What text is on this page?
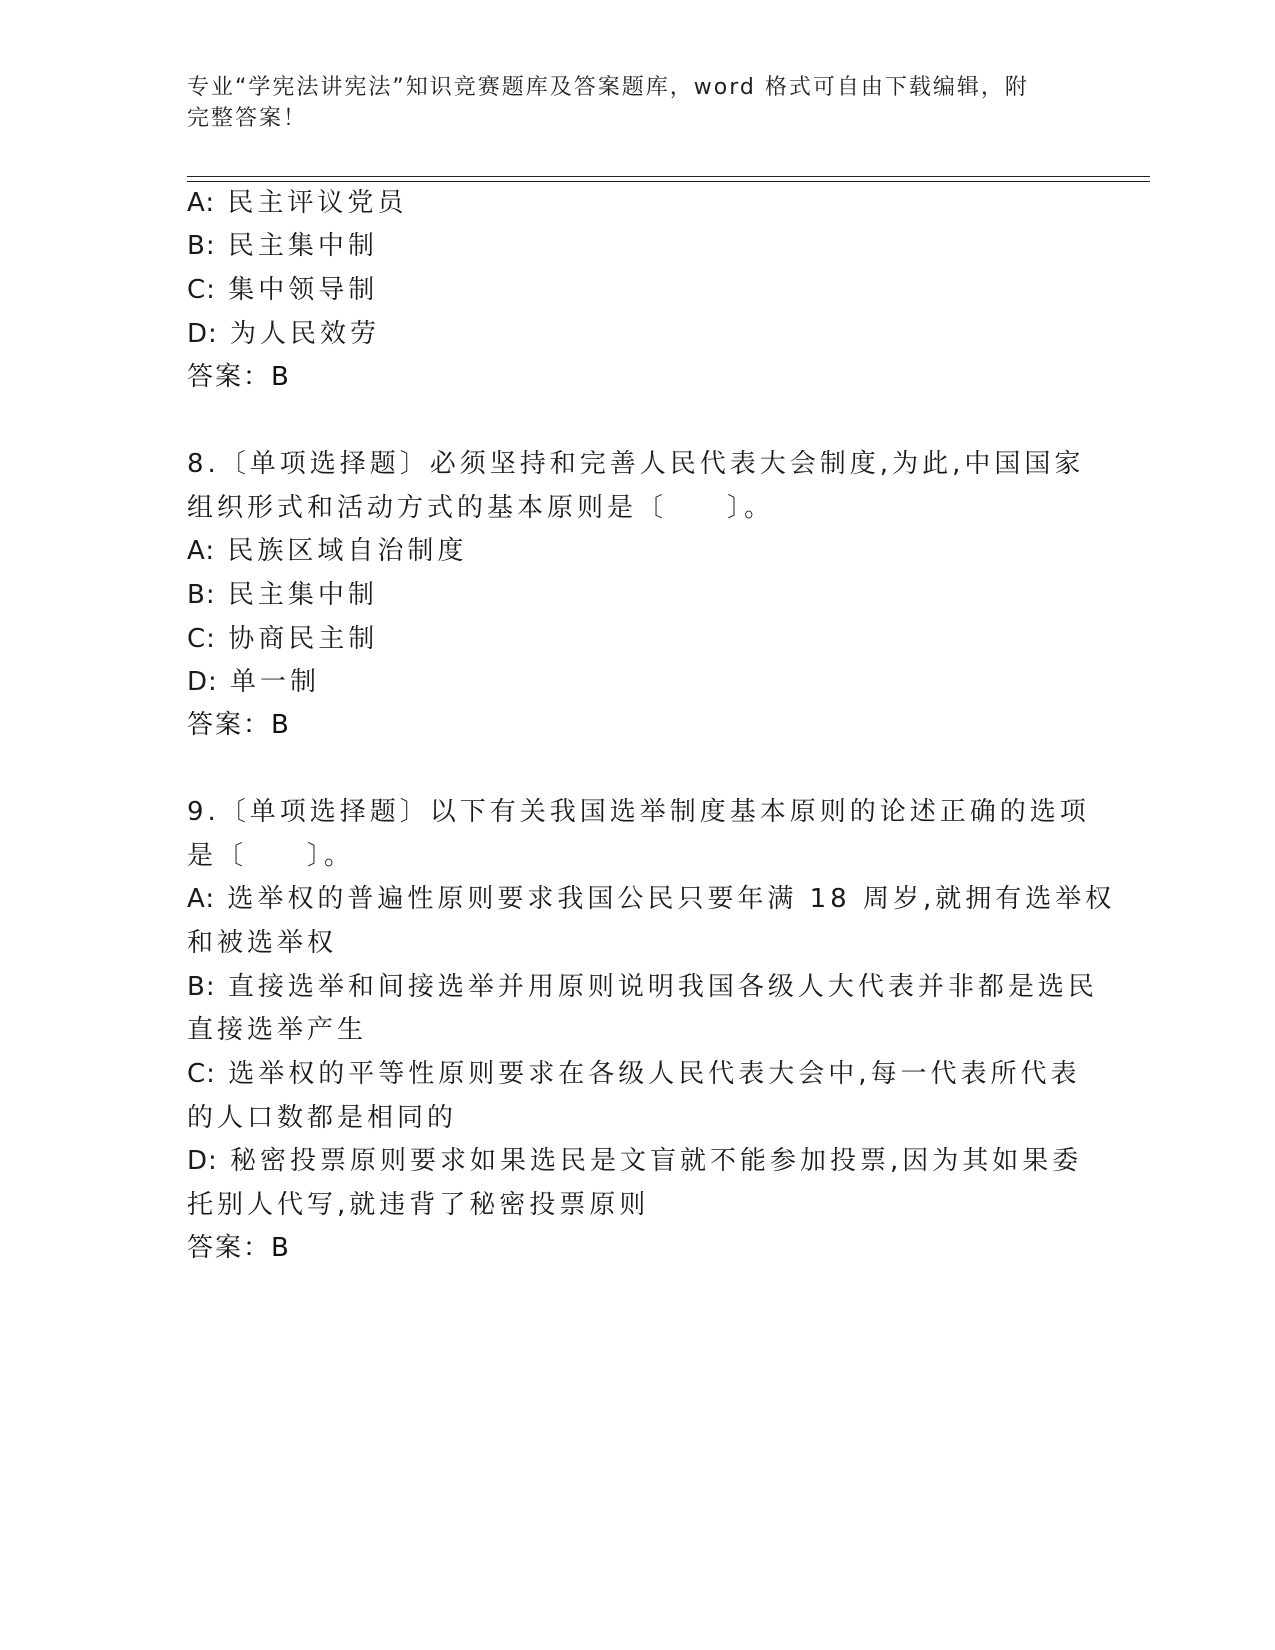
专业“学宪法讲宪法”知识竞赛题库及答案题库，word 格式可自由下载编辑，附
完整答案！
A: 民主评议党员
B: 民主集中制
C: 集中领导制
D: 为人民效劳
答案：B
8.〔单项选择题〕必须坚持和完善人民代表大会制度,为此,中国国家
组织形式和活动方式的基本原则是〔　　〕。
A: 民族区域自治制度
B: 民主集中制
C: 协商民主制
D: 单一制
答案：B
9.〔单项选择题〕以下有关我国选举制度基本原则的论述正确的选项
是〔　　〕。
A: 选举权的普遍性原则要求我国公民只要年满 18 周岁,就拥有选举权
和被选举权
B: 直接选举和间接选举并用原则说明我国各级人大代表并非都是选民
直接选举产生
C: 选举权的平等性原则要求在各级人民代表大会中,每一代表所代表
的人口数都是相同的
D: 秘密投票原则要求如果选民是文盲就不能参加投票,因为其如果委
托别人代写,就违背了秘密投票原则
答案：B
